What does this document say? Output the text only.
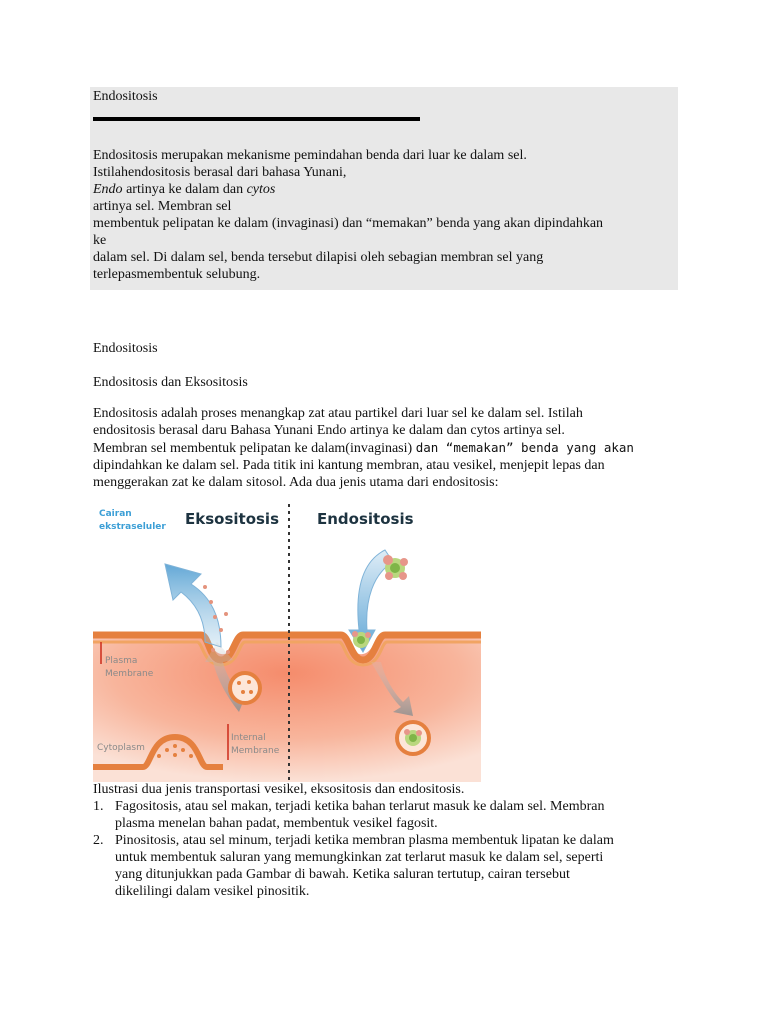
Endositosis

Endositosis merupakan mekanisme pemindahan benda dari luar ke dalam sel.
Istilahendositosis berasal dari bahasa Yunani,
Endo artinya ke dalam dan cytos
artinya sel. Membran sel
membentuk pelipatan ke dalam (invaginasi) dan “memakan” benda yang akan dipindahkan
ke
dalam sel. Di dalam sel, benda tersebut dilapisi oleh sebagian membran sel yang
terlepasmembentuk selubung.

Endositosis

Endositosis dan Eksositosis

Endositosis adalah proses menangkap zat atau partikel dari luar sel ke dalam sel. Istilah
endositosis berasal daru Bahasa Yunani Endo artinya ke dalam dan cytos artinya sel.
Membran sel membentuk pelipatan ke dalam(invaginasi) dan “memakan” benda yang akan
dipindahkan ke dalam sel. Pada titik ini kantung membran, atau vesikel, menjepit lepas dan
menggerakan zat ke dalam sitosol. Ada dua jenis utama dari endositosis:
Eksositosis	Endositosis
Cairan
ekstraseluler
Plasma
Membrane
Internal
Membrane
Cytoplasm

Ilustrasi dua jenis transportasi vesikel, eksositosis dan endositosis.

1. Fagositosis, atau sel makan, terjadi ketika bahan terlarut masuk ke dalam sel. Membran
plasma menelan bahan padat, membentuk vesikel fagosit.
2. Pinositosis, atau sel minum, terjadi ketika membran plasma membentuk lipatan ke dalam
untuk membentuk saluran yang memungkinkan zat terlarut masuk ke dalam sel, seperti
yang ditunjukkan pada Gambar di bawah. Ketika saluran tertutup, cairan tersebut
dikelilingi dalam vesikel pinositik.
